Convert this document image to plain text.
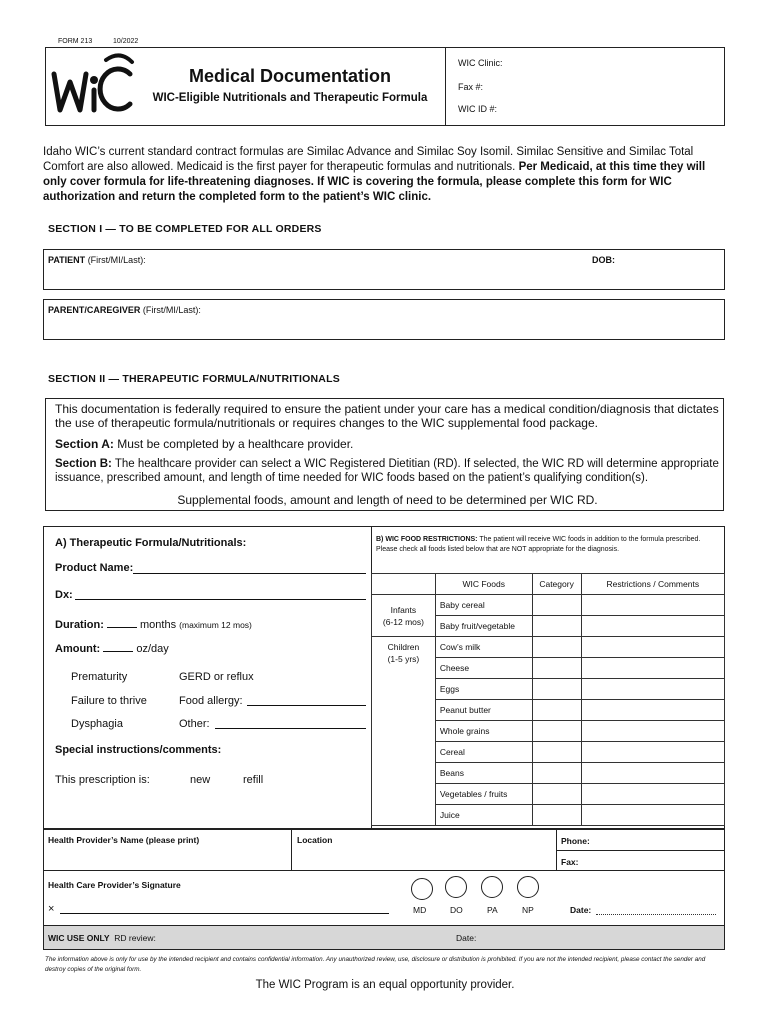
FORM 213	10/2022
Medical Documentation
WIC-Eligible Nutritionals and Therapeutic Formula
WIC Clinic:
Fax #:
WIC ID #:
Idaho WIC’s current standard contract formulas are Similac Advance and Similac Soy Isomil. Similac Sensitive and Similac Total Comfort are also allowed. Medicaid is the first payer for therapeutic formulas and nutritionals. Per Medicaid, at this time they will only cover formula for life-threatening diagnoses. If WIC is covering the formula, please complete this form for WIC authorization and return the completed form to the patient’s WIC clinic.
SECTION I — TO BE COMPLETED FOR ALL ORDERS
PATIENT (First/MI/Last):	DOB:
PARENT/CAREGIVER (First/MI/Last):
SECTION II — THERAPEUTIC FORMULA/NUTRITIONALS
This documentation is federally required to ensure the patient under your care has a medical condition/diagnosis that dictates the use of therapeutic formula/nutritionals or requires changes to the WIC supplemental food package.
Section A: Must be completed by a healthcare provider.
Section B: The healthcare provider can select a WIC Registered Dietitian (RD). If selected, the WIC RD will determine appropriate issuance, prescribed amount, and length of time needed for WIC foods based on the patient’s qualifying condition(s).
Supplemental foods, amount and length of need to be determined per WIC RD.
A) Therapeutic Formula/Nutritionals:
Product Name:
Dx:
Duration:	months (maximum 12 mos)
Amount:	oz/day
Prematurity	GERD or reflux
Failure to thrive	Food allergy:
Dysphagia	Other:
Special instructions/comments:
This prescription is:	new	refill
B) WIC FOOD RESTRICTIONS: The patient will receive WIC foods in addition to the formula prescribed. Please check all foods listed below that are NOT appropriate for the diagnosis.
	WIC Foods	Category	Restrictions / Comments

Infants
(6-12 mos)	Baby cereal		
	Baby fruit/vegetable		

Children
(1-5 yrs)	Cow’s milk		
	Cheese		
	Eggs		
	Peanut butter		
	Whole grains		
	Cereal		
	Beans		
	Vegetables / fruits		
	Juice		
Health Provider’s Name (please print)	Location	Phone:
Fax:
Health Care Provider’s Signature
×	MD	DO	PA	NP	Date:
WIC USE ONLY RD review:	Date:
The information above is only for use by the intended recipient and contains confidential information. Any unauthorized review, use, disclosure or distribution is prohibited. If you are not the intended recipient, please contact the sender and destroy copies of the original form.
The WIC Program is an equal opportunity provider.
